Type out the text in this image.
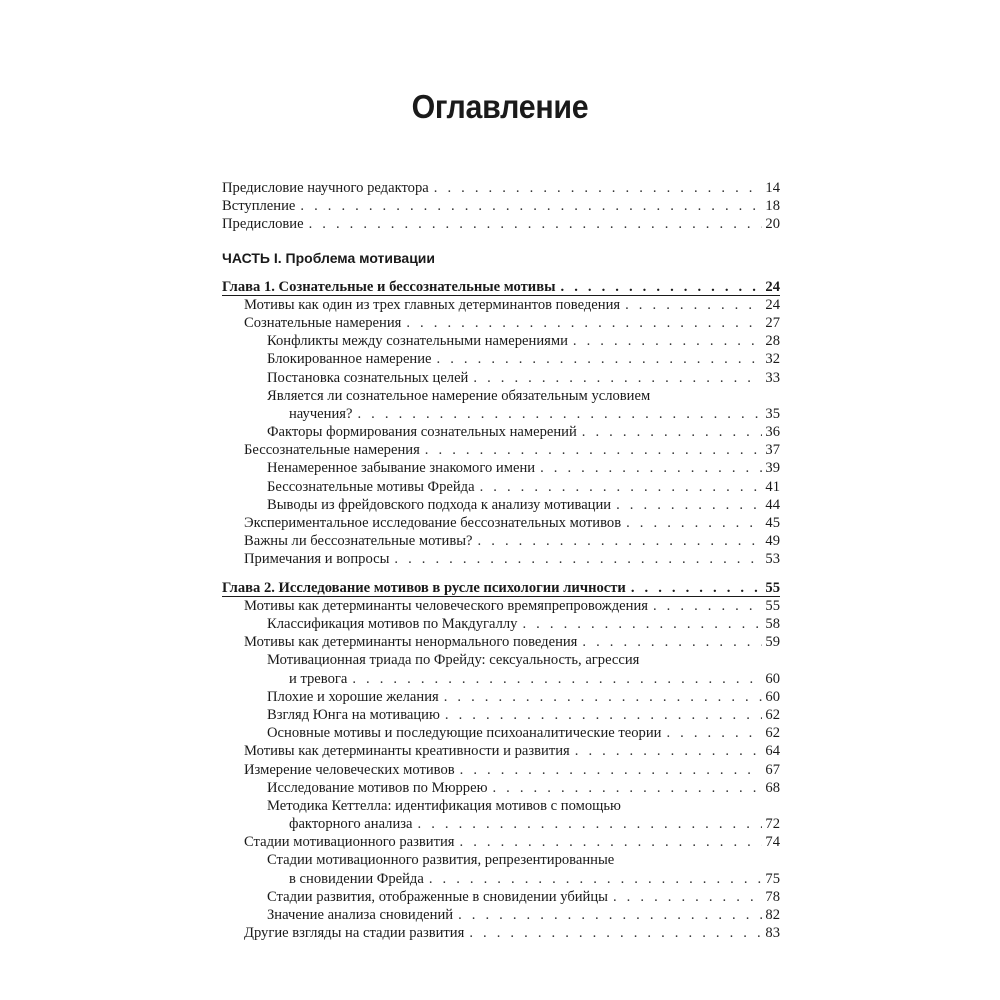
Оглавление
Предисловие научного редактора . . .	14
Вступление . . .	18
Предисловие . . .	20
ЧАСТЬ I. Проблема мотивации
Глава 1. Сознательные и бессознательные мотивы . . .	24
Мотивы как один из трех главных детерминантов поведения . . .	24
Сознательные намерения . . .	27
Конфликты между сознательными намерениями . . .	28
Блокированное намерение . . .	32
Постановка сознательных целей . . .	33
Является ли сознательное намерение обязательным условием
научения? . . .	35
Факторы формирования сознательных намерений . . .	36
Бессознательные намерения . . .	37
Ненамеренное забывание знакомого имени . . .	39
Бессознательные мотивы Фрейда . . .	41
Выводы из фрейдовского подхода к анализу мотивации . . .	44
Экспериментальное исследование бессознательных мотивов . . .	45
Важны ли бессознательные мотивы? . . .	49
Примечания и вопросы . . .	53
Глава 2. Исследование мотивов в русле психологии личности . . .	55
Мотивы как детерминанты человеческого времяпрепровождения . . .	55
Классификация мотивов по Макдугаллу . . .	58
Мотивы как детерминанты ненормального поведения . . .	59
Мотивационная триада по Фрейду: сексуальность, агрессия
и тревога . . .	60
Плохие и хорошие желания . . .	60
Взгляд Юнга на мотивацию . . .	62
Основные мотивы и последующие психоаналитические теории . . .	62
Мотивы как детерминанты креативности и развития . . .	64
Измерение человеческих мотивов . . .	67
Исследование мотивов по Мюррею . . .	68
Методика Кеттелла: идентификация мотивов с помощью
факторного анализа . . .	72
Стадии мотивационного развития . . .	74
Стадии мотивационного развития, репрезентированные
в сновидении Фрейда . . .	75
Стадии развития, отображенные в сновидении убийцы . . .	78
Значение анализа сновидений . . .	82
Другие взгляды на стадии развития . . .	83
